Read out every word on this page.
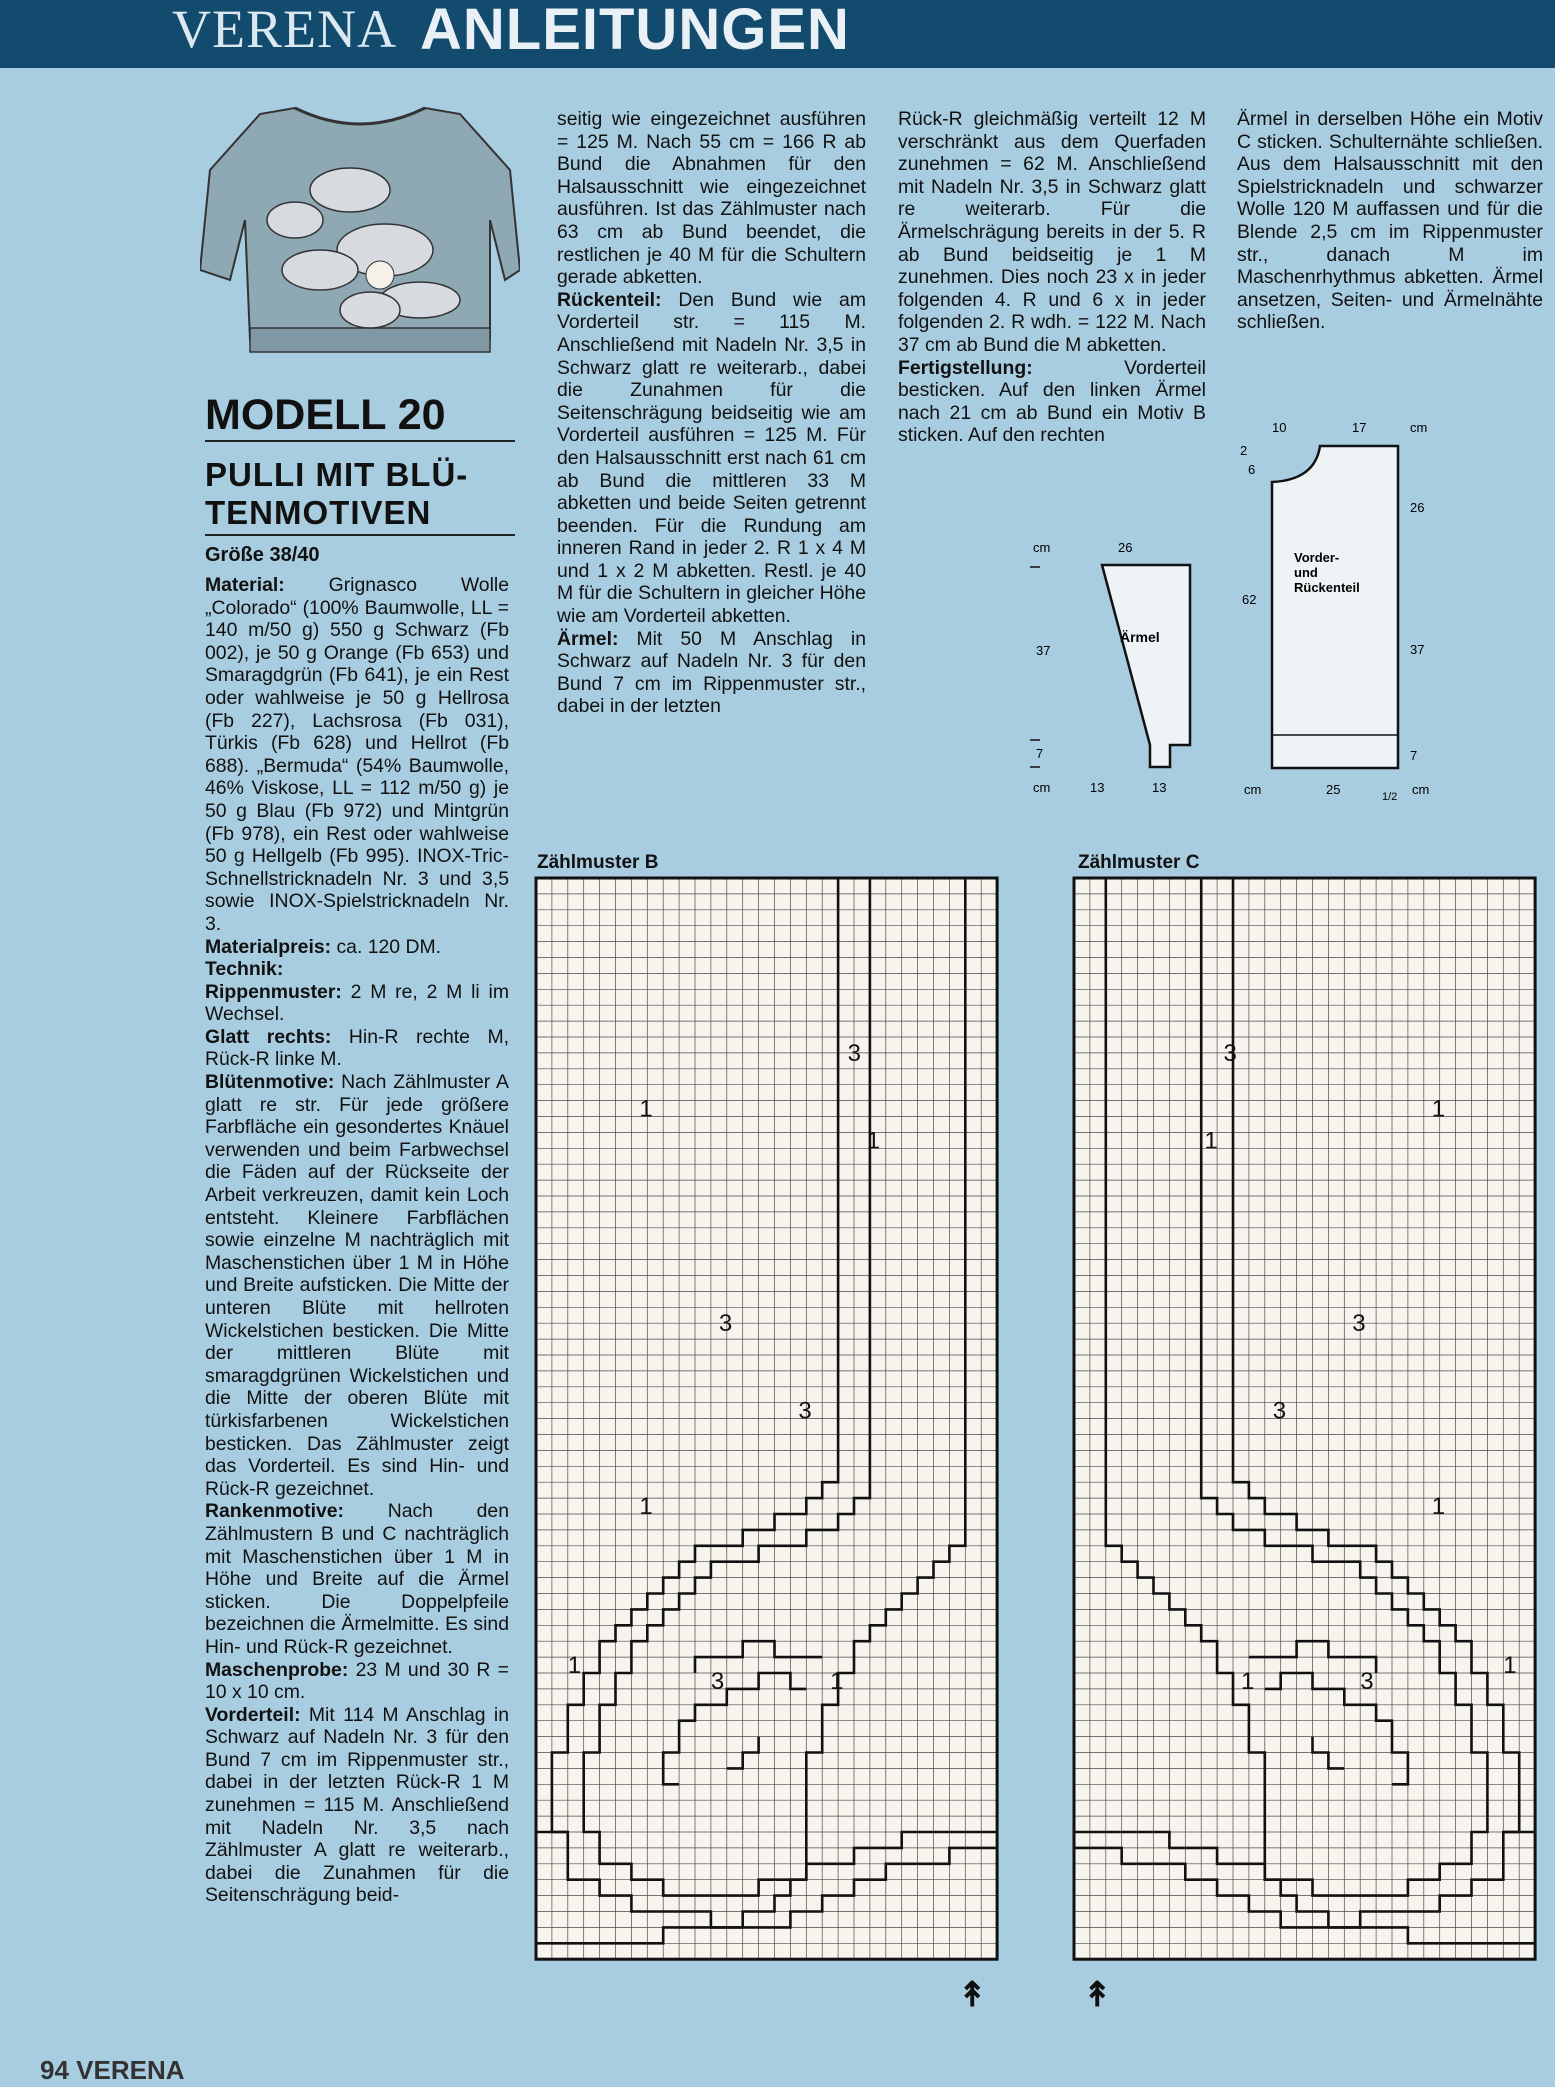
VERENA ANLEITUNGEN
MODELL 20
PULLI MIT BLÜ-
TENMOTIVEN
Größe 38/40

Material: Grignasco Wolle „Colorado“ (100% Baumwolle, LL = 140 m/50 g) 550 g Schwarz (Fb 002), je 50 g Orange (Fb 653) und Smaragdgrün (Fb 641), je ein Rest oder wahlweise je 50 g Hellrosa (Fb 227), Lachsrosa (Fb 031), Türkis (Fb 628) und Hellrot (Fb 688). „Bermuda“ (54% Baumwolle, 46% Viskose, LL = 112 m/50 g) je 50 g Blau (Fb 972) und Mintgrün (Fb 978), ein Rest oder wahlweise 50 g Hellgelb (Fb 995). INOX-Tric-Schnellstricknadeln Nr. 3 und 3,5 sowie INOX-Spielstricknadeln Nr. 3.

Materialpreis: ca. 120 DM.

Technik:

Rippenmuster: 2 M re, 2 M li im Wechsel.

Glatt rechts: Hin-R rechte M, Rück-R linke M.

Blütenmotive: Nach Zählmuster A glatt re str. Für jede größere Farbfläche ein gesondertes Knäuel verwenden und beim Farbwechsel die Fäden auf der Rückseite der Arbeit verkreuzen, damit kein Loch entsteht. Kleinere Farbflächen sowie einzelne M nachträglich mit Maschenstichen über 1 M in Höhe und Breite aufsticken. Die Mitte der unteren Blüte mit hellroten Wickelstichen besticken. Die Mitte der mittleren Blüte mit smaragdgrünen Wickelstichen und die Mitte der oberen Blüte mit türkisfarbenen Wickelstichen besticken. Das Zählmuster zeigt das Vorderteil. Es sind Hin- und Rück-R gezeichnet.

Rankenmotive: Nach den Zählmustern B und C nachträglich mit Maschenstichen über 1 M in Höhe und Breite auf die Ärmel sticken. Die Doppelpfeile bezeichnen die Ärmelmitte. Es sind Hin- und Rück-R gezeichnet.

Maschenprobe: 23 M und 30 R = 10 x 10 cm.

Vorderteil: Mit 114 M Anschlag in Schwarz auf Nadeln Nr. 3 für den Bund 7 cm im Rippenmuster str., dabei in der letzten Rück-R 1 M zunehmen = 115 M. Anschließend mit Nadeln Nr. 3,5 nach Zählmuster A glatt re weiterarb., dabei die Zunahmen für die Seitenschrägung beid-

seitig wie eingezeichnet ausführen = 125 M. Nach 55 cm = 166 R ab Bund die Abnahmen für den Halsausschnitt wie eingezeichnet ausführen. Ist das Zählmuster nach 63 cm ab Bund beendet, die restlichen je 40 M für die Schultern gerade abketten.

Rückenteil: Den Bund wie am Vorderteil str. = 115 M. Anschließend mit Nadeln Nr. 3,5 in Schwarz glatt re weiterarb., dabei die Zunahmen für die Seitenschrägung beidseitig wie am Vorderteil ausführen = 125 M. Für den Halsausschnitt erst nach 61 cm ab Bund die mittleren 33 M abketten und beide Seiten getrennt beenden. Für die Rundung am inneren Rand in jeder 2. R 1 x 4 M und 1 x 2 M abketten. Restl. je 40 M für die Schultern in gleicher Höhe wie am Vorderteil abketten.

Ärmel: Mit 50 M Anschlag in Schwarz auf Nadeln Nr. 3 für den Bund 7 cm im Rippenmuster str., dabei in der letzten

Rück-R gleichmäßig verteilt 12 M verschränkt aus dem Querfaden zunehmen = 62 M. Anschließend mit Nadeln Nr. 3,5 in Schwarz glatt re weiterarb. Für die Ärmelschrägung bereits in der 5. R ab Bund beidseitig je 1 M zunehmen. Dies noch 23 x in jeder folgenden 4. R und 6 x in jeder folgenden 2. R wdh. = 122 M. Nach 37 cm ab Bund die M abketten.

Fertigstellung: Vorderteil besticken. Auf den linken Ärmel nach 21 cm ab Bund ein Motiv B sticken. Auf den rechten

Ärmel in derselben Höhe ein Motiv C sticken. Schulternähte schließen. Aus dem Halsausschnitt mit den Spielstricknadeln und schwarzer Wolle 120 M auffassen und für die Blende 2,5 cm im Rippenmuster str., danach M im Maschenrhythmus abketten. Ärmel ansetzen, Seiten- und Ärmelnähte schließen.

cm	26
37
7
Ärmel
cm	13	13
10	17	cm
2
6
26
62
37
7
Vorder-
und
Rückenteil
cm	25	1/2 cm
Zählmuster B
3
1
1
3
3
1
1
3	1
↟
Zählmuster C
3
1
1
3
3
1
1
3
1
↟
94 VERENA
